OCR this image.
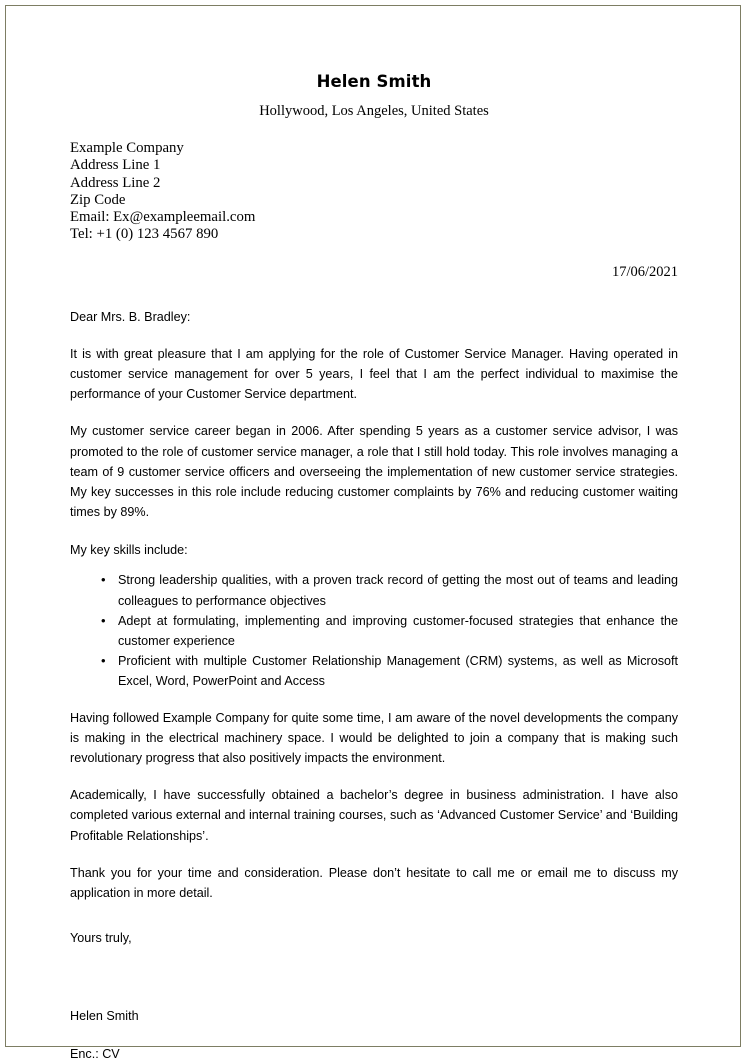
Helen Smith
Hollywood, Los Angeles, United States
Example Company
Address Line 1
Address Line 2
Zip Code
Email: Ex@exampleemail.com
Tel: +1 (0) 123 4567 890
17/06/2021
Dear Mrs. B. Bradley:

It is with great pleasure that I am applying for the role of Customer Service Manager. Having operated in customer service management for over 5 years, I feel that I am the perfect individual to maximise the performance of your Customer Service department.

My customer service career began in 2006. After spending 5 years as a customer service advisor, I was promoted to the role of customer service manager, a role that I still hold today. This role involves managing a team of 9 customer service officers and overseeing the implementation of new customer service strategies. My key successes in this role include reducing customer complaints by 76% and reducing customer waiting times by 89%.

My key skills include:
• Strong leadership qualities, with a proven track record of getting the most out of teams and leading colleagues to performance objectives
• Adept at formulating, implementing and improving customer-focused strategies that enhance the customer experience
• Proficient with multiple Customer Relationship Management (CRM) systems, as well as Microsoft Excel, Word, PowerPoint and Access

Having followed Example Company for quite some time, I am aware of the novel developments the company is making in the electrical machinery space. I would be delighted to join a company that is making such revolutionary progress that also positively impacts the environment.

Academically, I have successfully obtained a bachelor’s degree in business administration. I have also completed various external and internal training courses, such as ‘Advanced Customer Service’ and ‘Building Profitable Relationships’.

Thank you for your time and consideration. Please don’t hesitate to call me or email me to discuss my application in more detail.

Yours truly,
Helen Smith
Enc.: CV
